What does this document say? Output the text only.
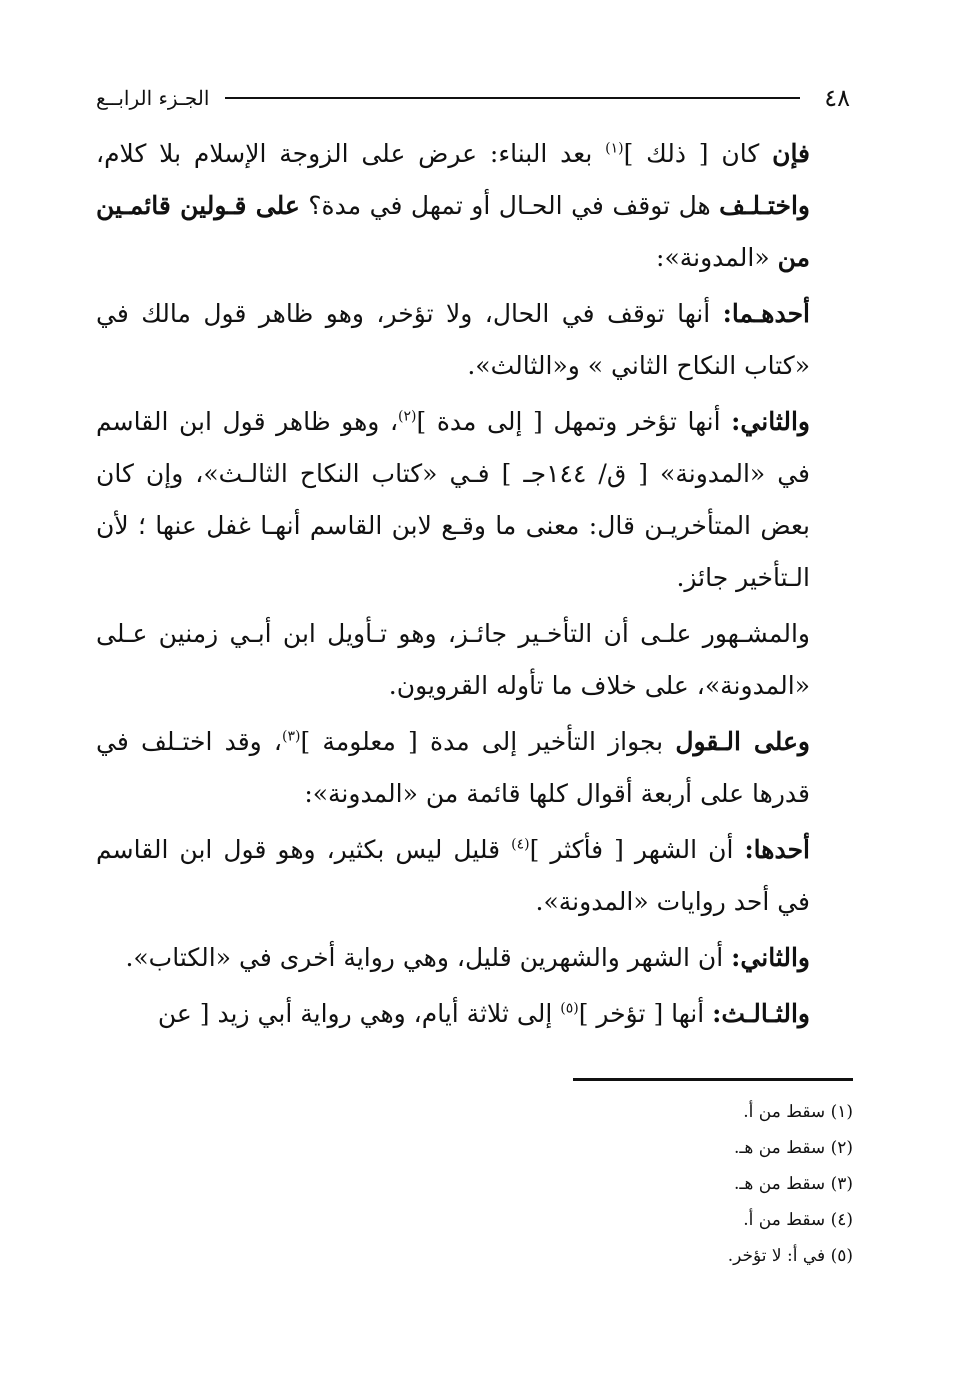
٤٨
الجـزء الرابــع

فإن كان [ ذلك ]$^{(١)}$ بعد البناء: عرض على الزوجة الإسلام بلا كلام، واختـلـف هل توقف في الحـال أو تمهل في مدة؟ على قـولين قائمـين من «المدونة»:

أحدهـما: أنها توقف في الحال، ولا تؤخر، وهو ظاهر قول مالك في «كتاب النكاح الثاني » و«الثالث».

والثاني: أنها تؤخر وتمهل [ إلى مدة ]$^{(٢)}$، وهو ظاهر قول ابن القاسم في «المدونة» [ ق/ ١٤٤جـ ] فـي «كتاب النكاح الثالـث»، وإن كان بعض المتأخريـن قال: معنى ما وقـع لابن القاسم أنهـا غفل عنها ؛ لأن الـتأخير جائز.

والمشـهور علـى أن التأخـير جائـز، وهو تـأويل ابن أبـي زمنين عـلى «المدونة»، على خلاف ما تأوله القرويون.

وعلى الـقول بجواز التأخير إلى مدة [ معلومة ]$^{(٣)}$، وقد اختـلف في قدرها على أربعة أقوال كلها قائمة من «المدونة»:

أحدها: أن الشهر [ فأكثر ]$^{(٤)}$ قليل ليس بكثير، وهو قول ابن القاسم في أحد روايات «المدونة».

والثاني: أن الشهر والشهرين قليل، وهي رواية أخرى في «الكتاب».

والثـالـث: أنها [ تؤخر ]$^{(٥)}$ إلى ثلاثة أيام، وهي رواية أبي زيد [ عن

(١) سقط من أ.
(٢) سقط من هـ.
(٣) سقط من هـ.
(٤) سقط من أ.
(٥) في أ: لا تؤخر.
